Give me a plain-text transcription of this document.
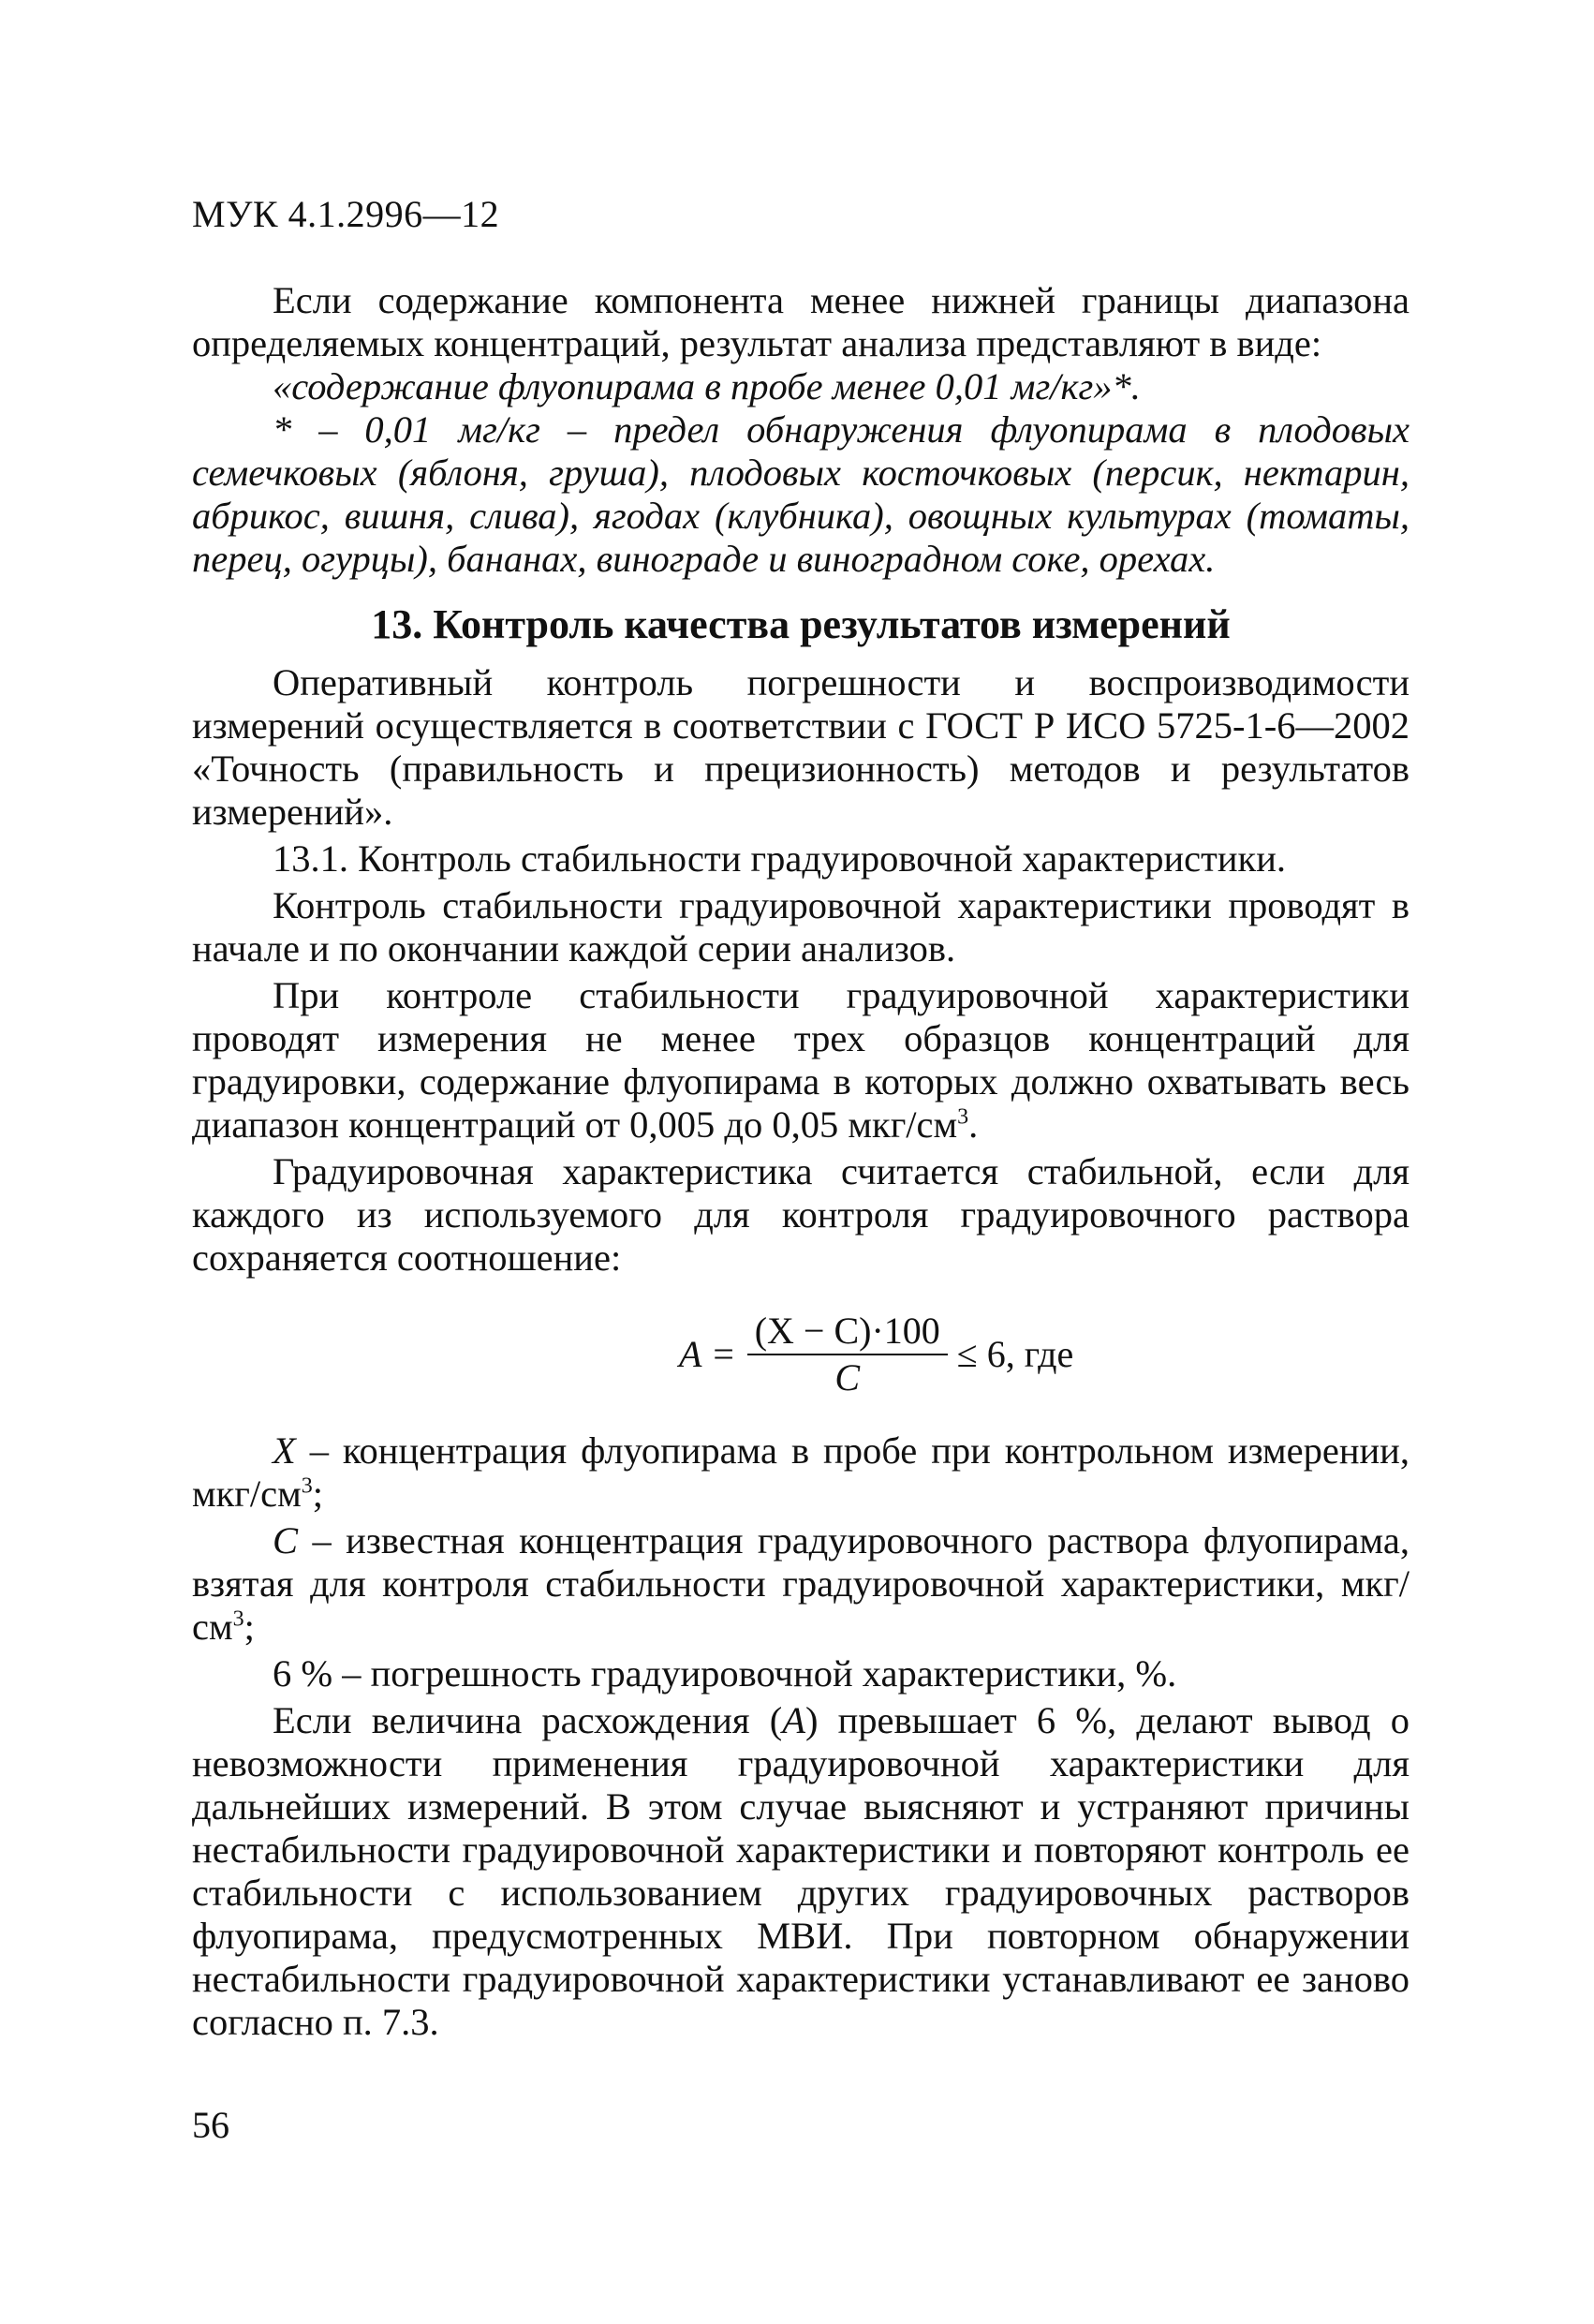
МУК 4.1.2996—12

Если содержание компонента менее нижней границы диапазона определяемых концентраций, результат анализа представляют в виде:

«содержание флуопирама в пробе менее 0,01 мг/кг»*.

* – 0,01 мг/кг – предел обнаружения флуопирама в плодовых семечковых (яблоня, груша), плодовых косточковых (персик, нектарин, абрикос, вишня, слива), ягодах (клубника), овощных культурах (томаты, перец, огурцы), бананах, винограде и виноградном соке, орехах.

13. Контроль качества результатов измерений

Оперативный контроль погрешности и воспроизводимости измерений осуществляется в соответствии с ГОСТ Р ИСО 5725-1-6—2002 «Точность (правильность и прецизионность) методов и результатов измерений».

13.1. Контроль стабильности градуировочной характеристики.

Контроль стабильности градуировочной характеристики проводят в начале и по окончании каждой серии анализов.

При контроле стабильности градуировочной характеристики проводят измерения не менее трех образцов концентраций для градуировки, содержание флуопирама в которых должно охватывать весь диапазон концентраций от 0,005 до 0,05 мкг/$см^3$.

Градуировочная характеристика считается стабильной, если для каждого из используемого для контроля градуировочного раствора сохраняется соотношение:

$A = \frac{(X - C)\cdot 100}{C} \le 6$, где

X – концентрация флуопирама в пробе при контрольном измерении, мкг/$см^3$;

C – известная концентрация градуировочного раствора флуопирама, взятая для контроля стабильности градуировочной характеристики, мкг/$см^3$;

6 % – погрешность градуировочной характеристики, %.

Если величина расхождения (A) превышает 6 %, делают вывод о невозможности применения градуировочной характеристики для дальнейших измерений. В этом случае выясняют и устраняют причины нестабильности градуировочной характеристики и повторяют контроль ее стабильности с использованием других градуировочных растворов флуопирама, предусмотренных МВИ. При повторном обнаружении нестабильности градуировочной характеристики устанавливают ее заново согласно п. 7.3.

56
